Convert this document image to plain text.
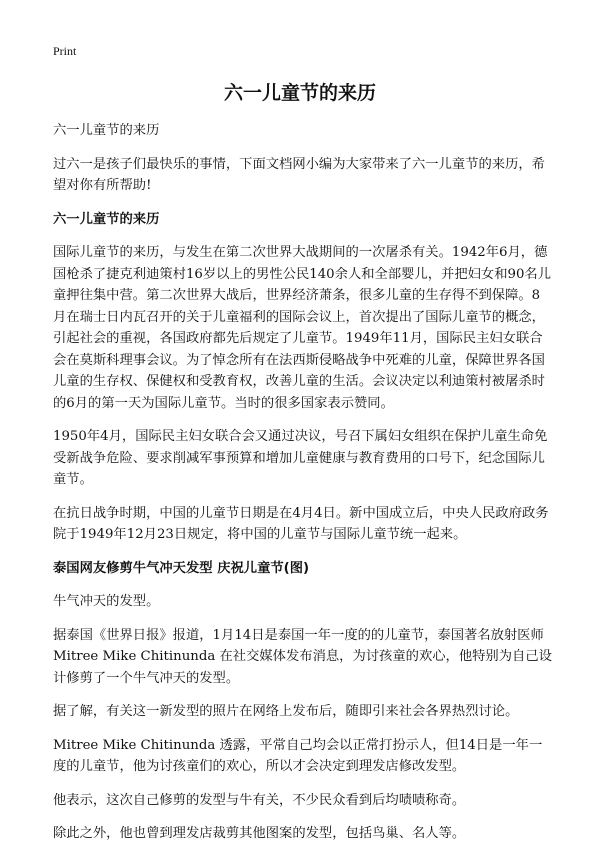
Print
六一儿童节的来历

六一儿童节的来历

过六一是孩子们最快乐的事情，下面文档网小编为大家带来了六一儿童节的来历，希望对你有所帮助!

六一儿童节的来历

国际儿童节的来历，与发生在第二次世界大战期间的一次屠杀有关。1942年6月，德国枪杀了捷克利迪策村16岁以上的男性公民140余人和全部婴儿，并把妇女和90名儿童押往集中营。第二次世界大战后，世界经济萧条，很多儿童的生存得不到保障。8月在瑞士日内瓦召开的关于儿童福利的国际会议上，首次提出了国际儿童节的概念，引起社会的重视，各国政府都先后规定了儿童节。1949年11月，国际民主妇女联合会在莫斯科理事会议。为了悼念所有在法西斯侵略战争中死难的儿童，保障世界各国儿童的生存权、保健权和受教育权，改善儿童的生活。会议决定以利迪策村被屠杀时的6月的第一天为国际儿童节。当时的很多国家表示赞同。

1950年4月，国际民主妇女联合会又通过决议，号召下属妇女组织在保护儿童生命免受新战争危险、要求削减军事预算和增加儿童健康与教育费用的口号下，纪念国际儿童节。

在抗日战争时期，中国的儿童节日期是在4月4日。新中国成立后，中央人民政府政务院于1949年12月23日规定，将中国的儿童节与国际儿童节统一起来。

泰国网友修剪牛气冲天发型 庆祝儿童节(图)

牛气冲天的发型。

据泰国《世界日报》报道，1月14日是泰国一年一度的的儿童节，泰国著名放射医师Mitree Mike Chitinunda 在社交媒体发布消息，为讨孩童的欢心，他特别为自己设计修剪了一个牛气冲天的发型。

据了解，有关这一新发型的照片在网络上发布后，随即引来社会各界热烈讨论。

Mitree Mike Chitinunda 透露，平常自己均会以正常打扮示人，但14日是一年一度的儿童节，他为讨孩童们的欢心，所以才会决定到理发店修改发型。

他表示，这次自己修剪的发型与牛有关，不少民众看到后均啧啧称奇。

除此之外，他也曾到理发店裁剪其他图案的发型，包括鸟巢、名人等。
